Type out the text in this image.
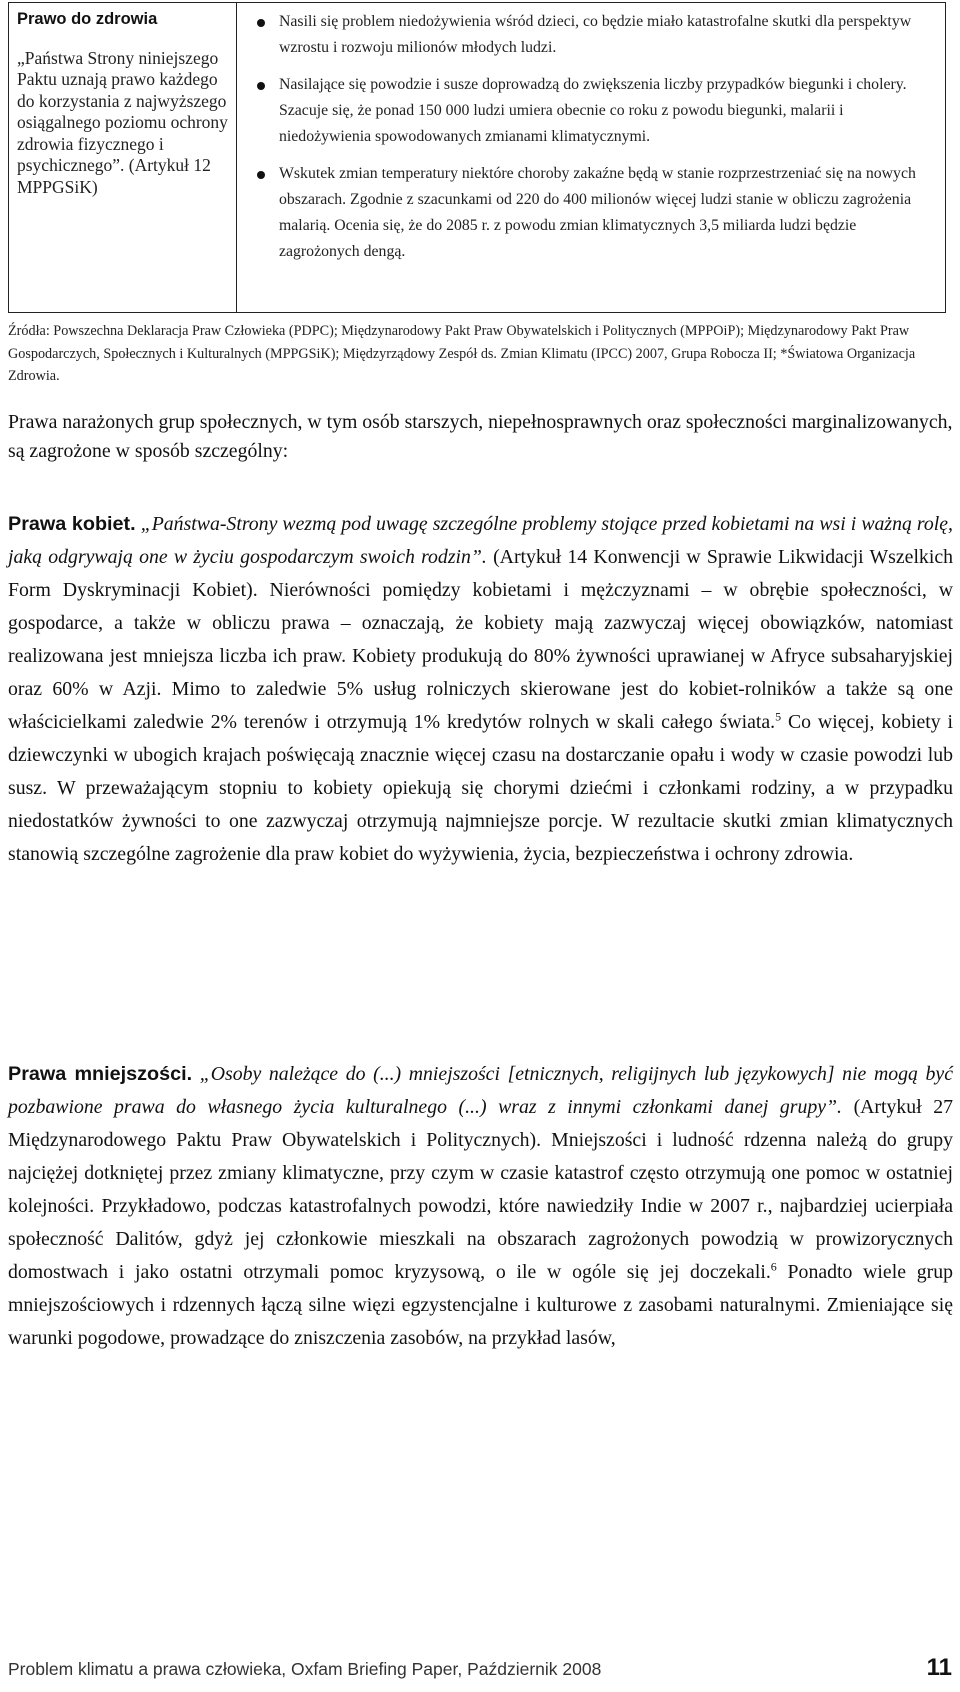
Prawo do zdrowia
„Państwa Strony niniejszego Paktu uznają prawo każdego do korzystania z najwyższego osiągalnego poziomu ochrony zdrowia fizycznego i psychicznego”. (Artykuł 12 MPPGSiK)
Nasili się problem niedożywienia wśród dzieci, co będzie miało katastrofalne skutki dla perspektyw wzrostu i rozwoju milionów młodych ludzi.
Nasilające się powodzie i susze doprowadzą do zwiększenia liczby przypadków biegunki i cholery. Szacuje się, że ponad 150 000 ludzi umiera obecnie co roku z powodu biegunki, malarii i niedożywienia spowodowanych zmianami klimatycznymi.
Wskutek zmian temperatury niektóre choroby zakaźne będą w stanie rozprzestrzeniać się na nowych obszarach. Zgodnie z szacunkami od 220 do 400 milionów więcej ludzi stanie w obliczu zagrożenia malarią. Ocenia się, że do 2085 r. z powodu zmian klimatycznych 3,5 miliarda ludzi będzie zagrożonych dengą.
Źródła: Powszechna Deklaracja Praw Człowieka (PDPC); Międzynarodowy Pakt Praw Obywatelskich i Politycznych (MPPOiP); Międzynarodowy Pakt Praw Gospodarczych, Społecznych i Kulturalnych (MPPGSiK); Międzyrządowy Zespół ds. Zmian Klimatu (IPCC) 2007, Grupa Robocza II; *Światowa Organizacja Zdrowia.
Prawa narażonych grup społecznych, w tym osób starszych, niepełnosprawnych oraz społeczności marginalizowanych, są zagrożone w sposób szczególny:
Prawa kobiet. „Państwa-Strony wezmą pod uwagę szczególne problemy stojące przed kobietami na wsi i ważną rolę, jaką odgrywają one w życiu gospodarczym swoich rodzin”. (Artykuł 14 Konwencji w Sprawie Likwidacji Wszelkich Form Dyskryminacji Kobiet). Nierówności pomiędzy kobietami i mężczyznami – w obrębie społeczności, w gospodarce, a także w obliczu prawa – oznaczają, że kobiety mają zazwyczaj więcej obowiązków, natomiast realizowana jest mniejsza liczba ich praw. Kobiety produkują do 80% żywności uprawianej w Afryce subsaharyjskiej oraz 60% w Azji. Mimo to zaledwie 5% usług rolniczych skierowane jest do kobiet-rolników a także są one właścicielkami zaledwie 2% terenów i otrzymują 1% kredytów rolnych w skali całego świata.$^5$ Co więcej, kobiety i dziewczynki w ubogich krajach poświęcają znacznie więcej czasu na dostarczanie opału i wody w czasie powodzi lub susz. W przeważającym stopniu to kobiety opiekują się chorymi dziećmi i członkami rodziny, a w przypadku niedostatków żywności to one zazwyczaj otrzymują najmniejsze porcje. W rezultacie skutki zmian klimatycznych stanowią szczególne zagrożenie dla praw kobiet do wyżywienia, życia, bezpieczeństwa i ochrony zdrowia.
Prawa mniejszości. „Osoby należące do (...) mniejszości [etnicznych, religijnych lub językowych] nie mogą być pozbawione prawa do własnego życia kulturalnego (...) wraz z innymi członkami danej grupy”. (Artykuł 27 Międzynarodowego Paktu Praw Obywatelskich i Politycznych). Mniejszości i ludność rdzenna należą do grupy najciężej dotkniętej przez zmiany klimatyczne, przy czym w czasie katastrof często otrzymują one pomoc w ostatniej kolejności. Przykładowo, podczas katastrofalnych powodzi, które nawiedziły Indie w 2007 r., najbardziej ucierpiała społeczność Dalitów, gdyż jej członkowie mieszkali na obszarach zagrożonych powodzią w prowizorycznych domostwach i jako ostatni otrzymali pomoc kryzysową, o ile w ogóle się jej doczekali.$^6$ Ponadto wiele grup mniejszościowych i rdzennych łączą silne więzi egzystencjalne i kulturowe z zasobami naturalnymi. Zmieniające się warunki pogodowe, prowadzące do zniszczenia zasobów, na przykład lasów,
Problem klimatu a prawa człowieka, Oxfam Briefing Paper, Październik 2008	11
